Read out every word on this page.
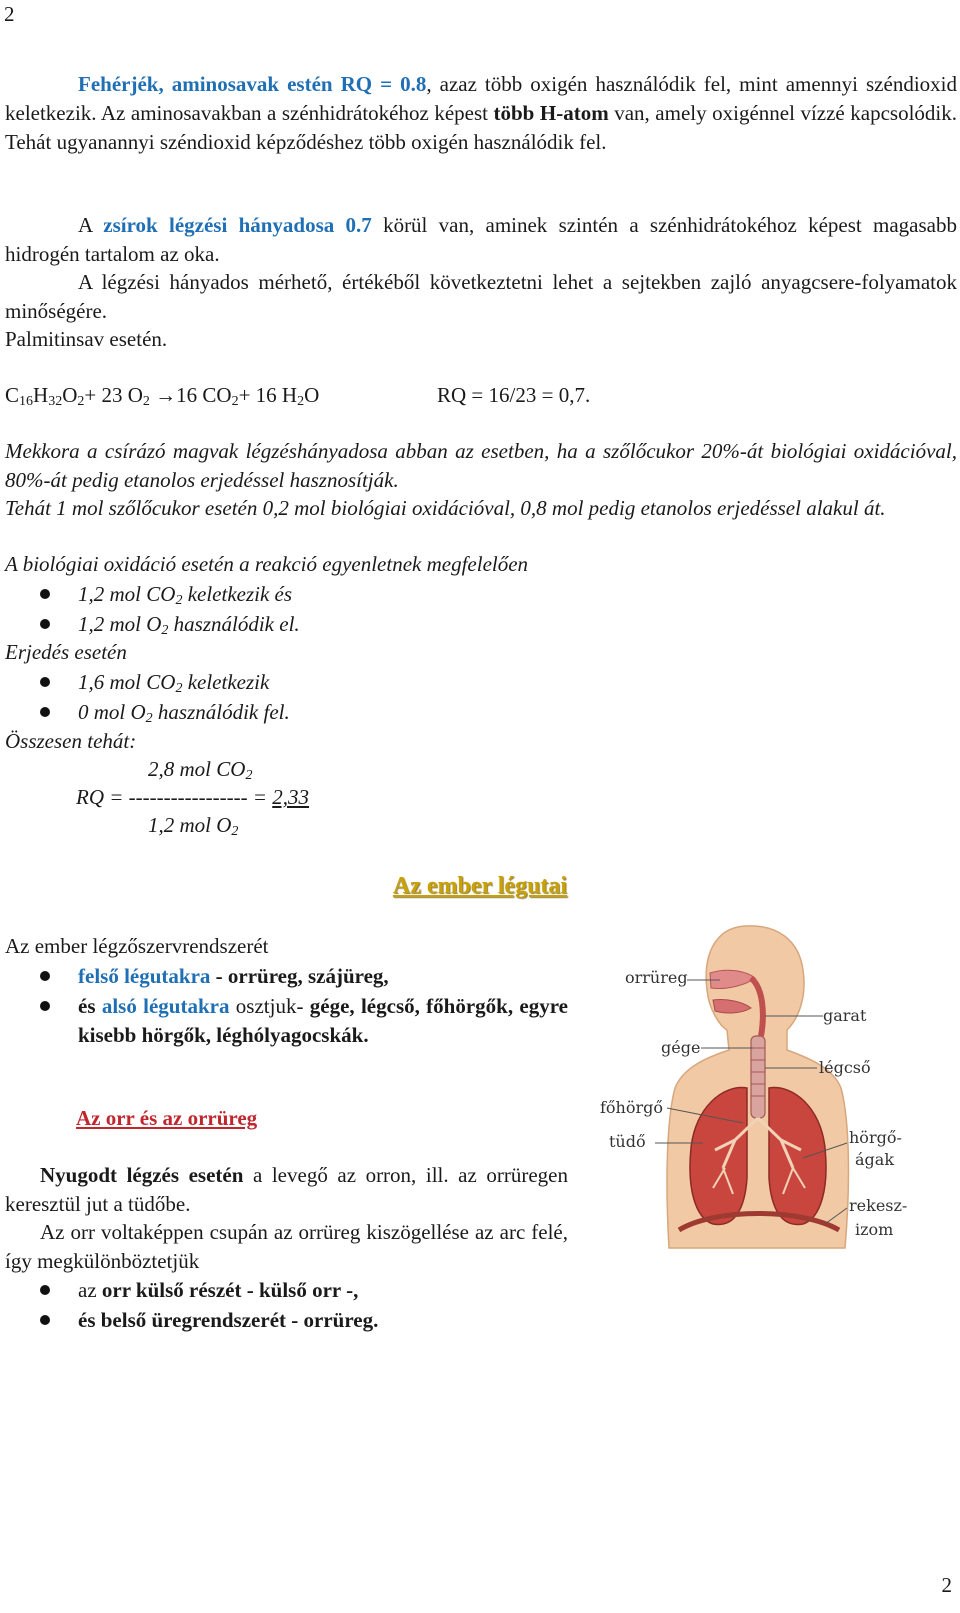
2
2

Fehérjék, aminosavak estén RQ = 0.8, azaz több oxigén használódik fel, mint amennyi széndioxid keletkezik. Az aminosavakban a szénhidrátokéhoz képest több H-atom van, amely oxigénnel vízzé kapcsolódik. Tehát ugyanannyi széndioxid képződéshez több oxigén használódik fel.

A zsírok légzési hányadosa 0.7 körül van, aminek szintén a szénhidrátokéhoz képest magasabb hidrogén tartalom az oka.

A légzési hányados mérhető, értékéből következtetni lehet a sejtekben zajló anyagcsere-folyamatok minőségére.

Palmitinsav esetén.
$C_{16}H_{32}O_2+ 23$ $O_2 \to 16$ $CO_2+ 16$ $H_2O$	RQ = 16/23 = 0,7.

Mekkora a csírázó magvak légzéshányadosa abban az esetben, ha a szőlőcukor 20%-át biológiai oxidációval, 80%-át pedig etanolos erjedéssel hasznosítják.

Tehát 1 mol szőlőcukor esetén 0,2 mol biológiai oxidációval, 0,8 mol pedig etanolos erjedéssel alakul át.

A biológiai oxidáció esetén a reakció egyenletnek megfelelően
1,2 mol $CO_2$ keletkezik és
1,2 mol $O_2$ használódik el.
Erjedés esetén
1,6 mol $CO_2$ keletkezik
0 mol $O_2$ használódik fel.
Összesen tehát:
2,8 mol $CO_2$
RQ = ----------------- = 2,33
1,2 mol $O_2$
Az ember légutai
Az ember légzőszervrendszerét
felső légutakra - orrüreg, szájüreg,
és alsó légutakra osztjuk- gége, légcső, főhörgők, egyre kisebb hörgők, léghólyagocskák.
Az orr és az orrüreg
Nyugodt légzés esetén a levegő az orron, ill. az orrüregen keresztül jut a tüdőbe.
Az orr voltaképpen csupán az orrüreg kiszögellése az arc felé, így megkülönböztetjük
az orr külső részét - külső orr -,
és belső üregrendszerét - orrüreg.
orrüreg
garat
gége
légcső
főhörgő
tüdő	hörgő-
ágak
rekesz-
izom
